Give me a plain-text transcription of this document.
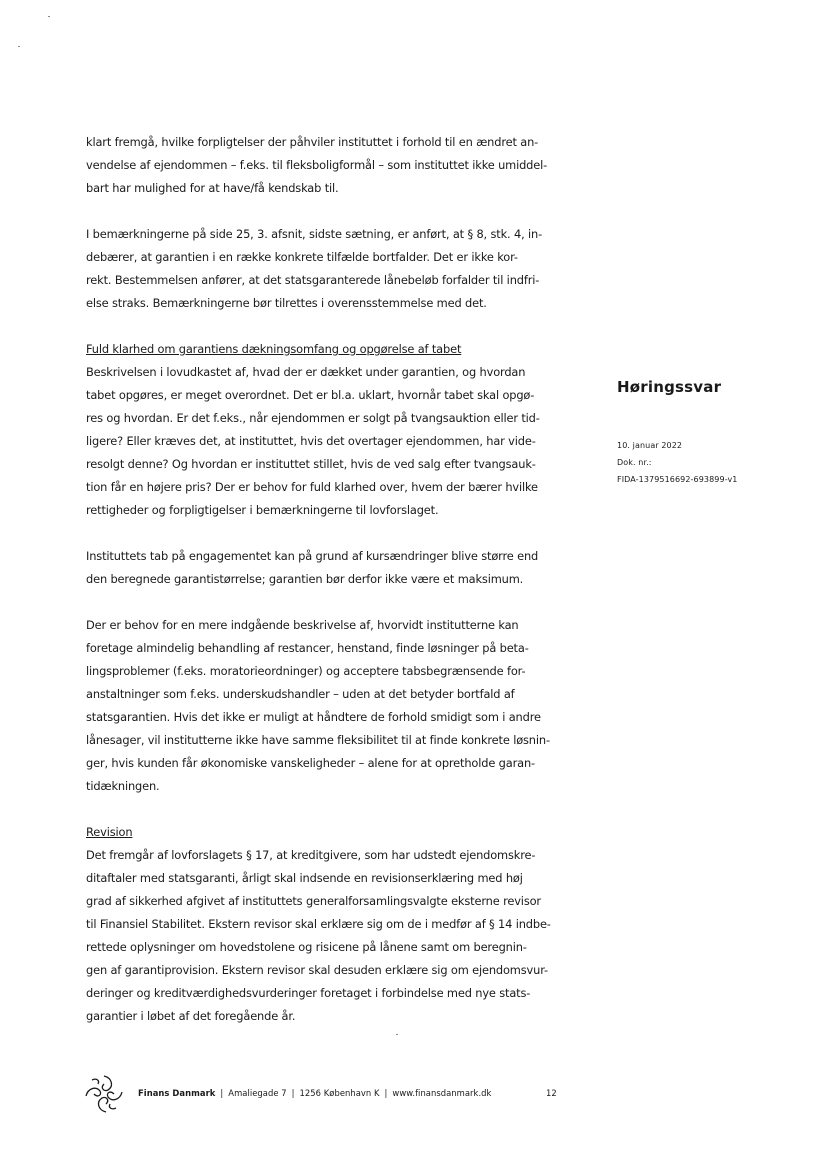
klart fremgå, hvilke forpligtelser der påhviler instituttet i forhold til en ændret an-
vendelse af ejendommen – f.eks. til fleksboligformål – som instituttet ikke umiddel-
bart har mulighed for at have/få kendskab til.

I bemærkningerne på side 25, 3. afsnit, sidste sætning, er anført, at § 8, stk. 4, in-
debærer, at garantien i en række konkrete tilfælde bortfalder. Det er ikke kor-
rekt. Bestemmelsen anfører, at det statsgaranterede lånebeløb forfalder til indfri-
else straks. Bemærkningerne bør tilrettes i overensstemmelse med det.

Fuld klarhed om garantiens dækningsomfang og opgørelse af tabet

Beskrivelsen i lovudkastet af, hvad der er dækket under garantien, og hvordan
tabet opgøres, er meget overordnet. Det er bl.a. uklart, hvornår tabet skal opgø-
res og hvordan. Er det f.eks., når ejendommen er solgt på tvangsauktion eller tid-
ligere? Eller kræves det, at instituttet, hvis det overtager ejendommen, har vide-
resolgt denne? Og hvordan er instituttet stillet, hvis de ved salg efter tvangsauk-
tion får en højere pris? Der er behov for fuld klarhed over, hvem der bærer hvilke
rettigheder og forpligtigelser i bemærkningerne til lovforslaget.

Instituttets tab på engagementet kan på grund af kursændringer blive større end
den beregnede garantistørrelse; garantien bør derfor ikke være et maksimum.

Der er behov for en mere indgående beskrivelse af, hvorvidt institutterne kan
foretage almindelig behandling af restancer, henstand, finde løsninger på beta-
lingsproblemer (f.eks. moratorieordninger) og acceptere tabsbegrænsende for-
anstaltninger som f.eks. underskudshandler – uden at det betyder bortfald af
statsgarantien. Hvis det ikke er muligt at håndtere de forhold smidigt som i andre
lånesager, vil institutterne ikke have samme fleksibilitet til at finde konkrete løsnin-
ger, hvis kunden får økonomiske vanskeligheder – alene for at opretholde garan-
tidækningen.

Revision

Det fremgår af lovforslagets § 17, at kreditgivere, som har udstedt ejendomskre-
ditaftaler med statsgaranti, årligt skal indsende en revisionserklæring med høj
grad af sikkerhed afgivet af instituttets generalforsamlingsvalgte eksterne revisor
til Finansiel Stabilitet. Ekstern revisor skal erklære sig om de i medfør af § 14 indbe-
rettede oplysninger om hovedstolene og risicene på lånene samt om beregnin-
gen af garantiprovision. Ekstern revisor skal desuden erklære sig om ejendomsvur-
deringer og kreditværdighedsvurderinger foretaget i forbindelse med nye stats-
garantier i løbet af det foregående år.

Høringssvar

10. januar 2022
Dok. nr.:
FIDA-1379516692-693899-v1
Finans Danmark | Amaliegade 7 | 1256 København K | www.finansdanmark.dk	12
